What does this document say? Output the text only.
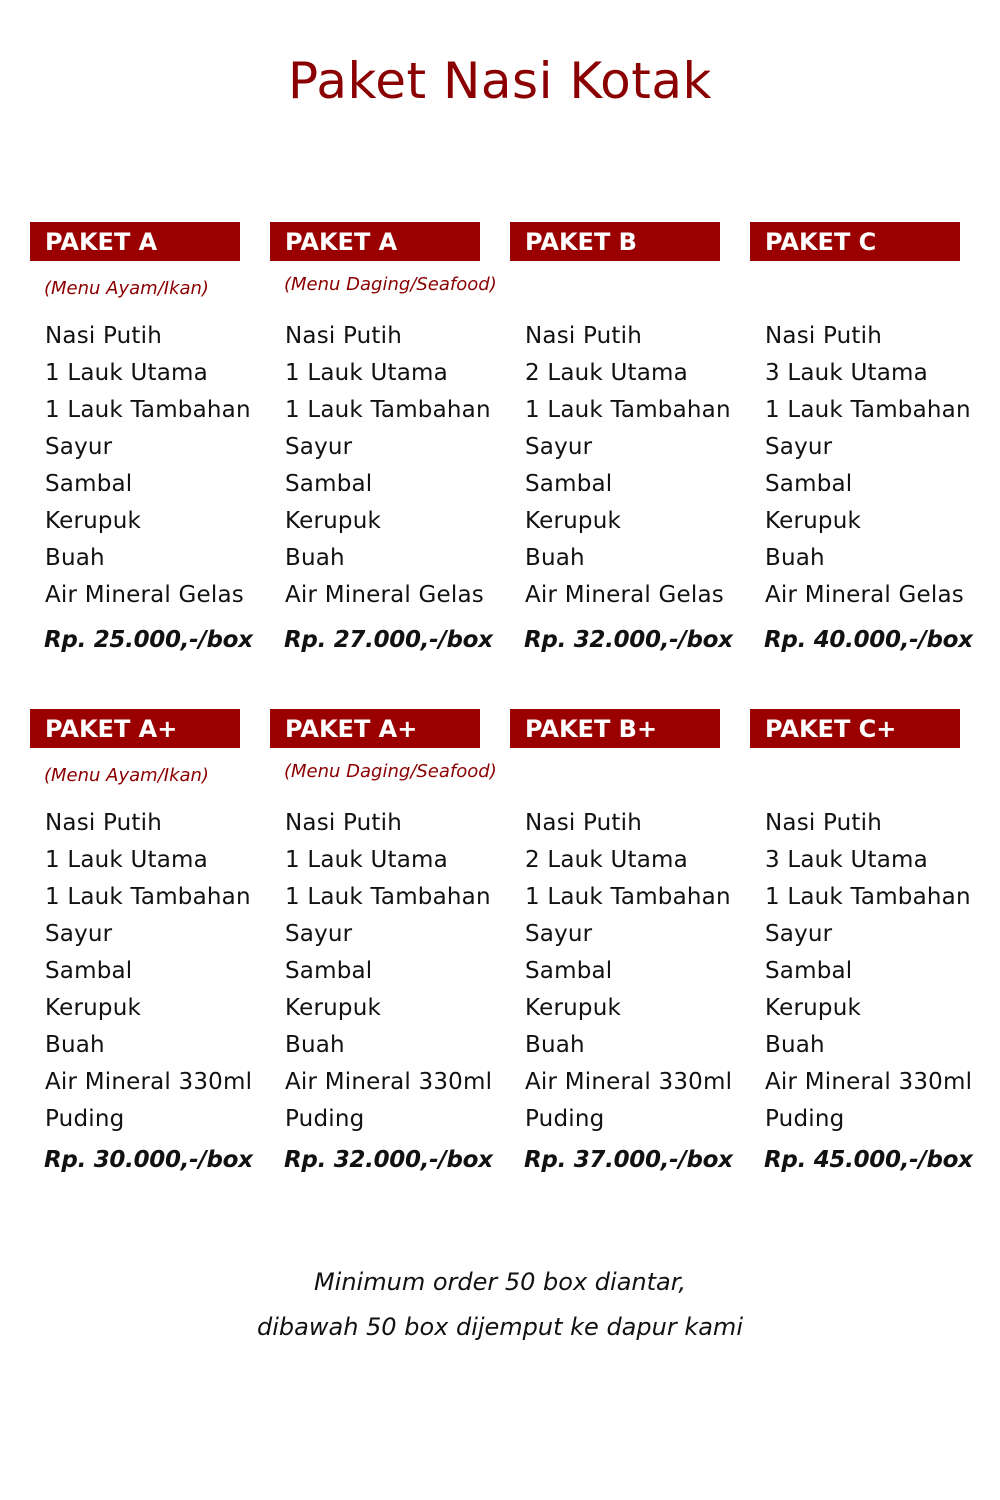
Paket Nasi Kotak
PAKET A
(Menu Ayam/Ikan)
Nasi Putih
1 Lauk Utama
1 Lauk Tambahan
Sayur
Sambal
Kerupuk
Buah
Air Mineral Gelas
Rp. 25.000,-/box
PAKET A
(Menu Daging/Seafood)
Nasi Putih
1 Lauk Utama
1 Lauk Tambahan
Sayur
Sambal
Kerupuk
Buah
Air Mineral Gelas
Rp. 27.000,-/box
PAKET B
Nasi Putih
2 Lauk Utama
1 Lauk Tambahan
Sayur
Sambal
Kerupuk
Buah
Air Mineral Gelas
Rp. 32.000,-/box
PAKET C
Nasi Putih
3 Lauk Utama
1 Lauk Tambahan
Sayur
Sambal
Kerupuk
Buah
Air Mineral Gelas
Rp. 40.000,-/box
PAKET A+
(Menu Ayam/Ikan)
Nasi Putih
1 Lauk Utama
1 Lauk Tambahan
Sayur
Sambal
Kerupuk
Buah
Air Mineral 330ml
Puding
Rp. 30.000,-/box
PAKET A+
(Menu Daging/Seafood)
Nasi Putih
1 Lauk Utama
1 Lauk Tambahan
Sayur
Sambal
Kerupuk
Buah
Air Mineral 330ml
Puding
Rp. 32.000,-/box
PAKET B+
Nasi Putih
2 Lauk Utama
1 Lauk Tambahan
Sayur
Sambal
Kerupuk
Buah
Air Mineral 330ml
Puding
Rp. 37.000,-/box
PAKET C+
Nasi Putih
3 Lauk Utama
1 Lauk Tambahan
Sayur
Sambal
Kerupuk
Buah
Air Mineral 330ml
Puding
Rp. 45.000,-/box
Minimum order 50 box diantar,
dibawah 50 box dijemput ke dapur kami
